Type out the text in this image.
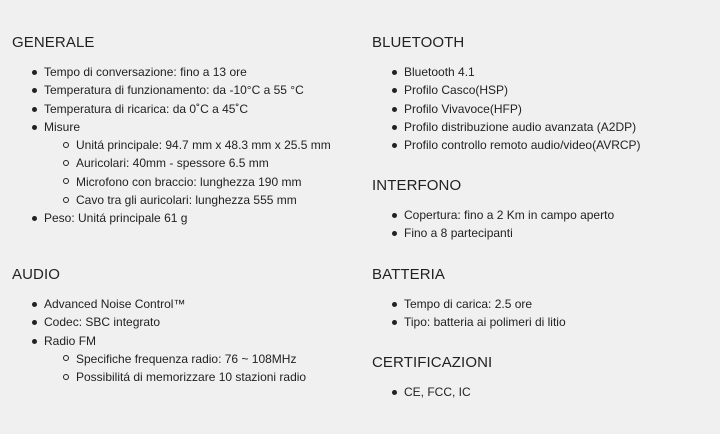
GENERALE
Tempo di conversazione: fino a 13 ore
Temperatura di funzionamento: da -10°C a 55 °C
Temperatura di ricarica: da 0˚C a 45˚C
Misure
Unitá principale: 94.7 mm x 48.3 mm x 25.5 mm
Auricolari: 40mm - spessore 6.5 mm
Microfono con braccio: lunghezza 190 mm
Cavo tra gli auricolari: lunghezza 555 mm
Peso: Unitá principale 61 g
AUDIO
Advanced Noise Control™
Codec: SBC integrato
Radio FM
Specifiche frequenza radio: 76 ~ 108MHz
Possibilitá di memorizzare 10 stazioni radio
BLUETOOTH
Bluetooth 4.1
Profilo Casco(HSP)
Profilo Vivavoce(HFP)
Profilo distribuzione audio avanzata (A2DP)
Profilo controllo remoto audio/video(AVRCP)
INTERFONO
Copertura: fino a 2 Km in campo aperto
Fino a 8 partecipanti
BATTERIA
Tempo di carica: 2.5 ore
Tipo: batteria ai polimeri di litio
CERTIFICAZIONI
CE, FCC, IC
